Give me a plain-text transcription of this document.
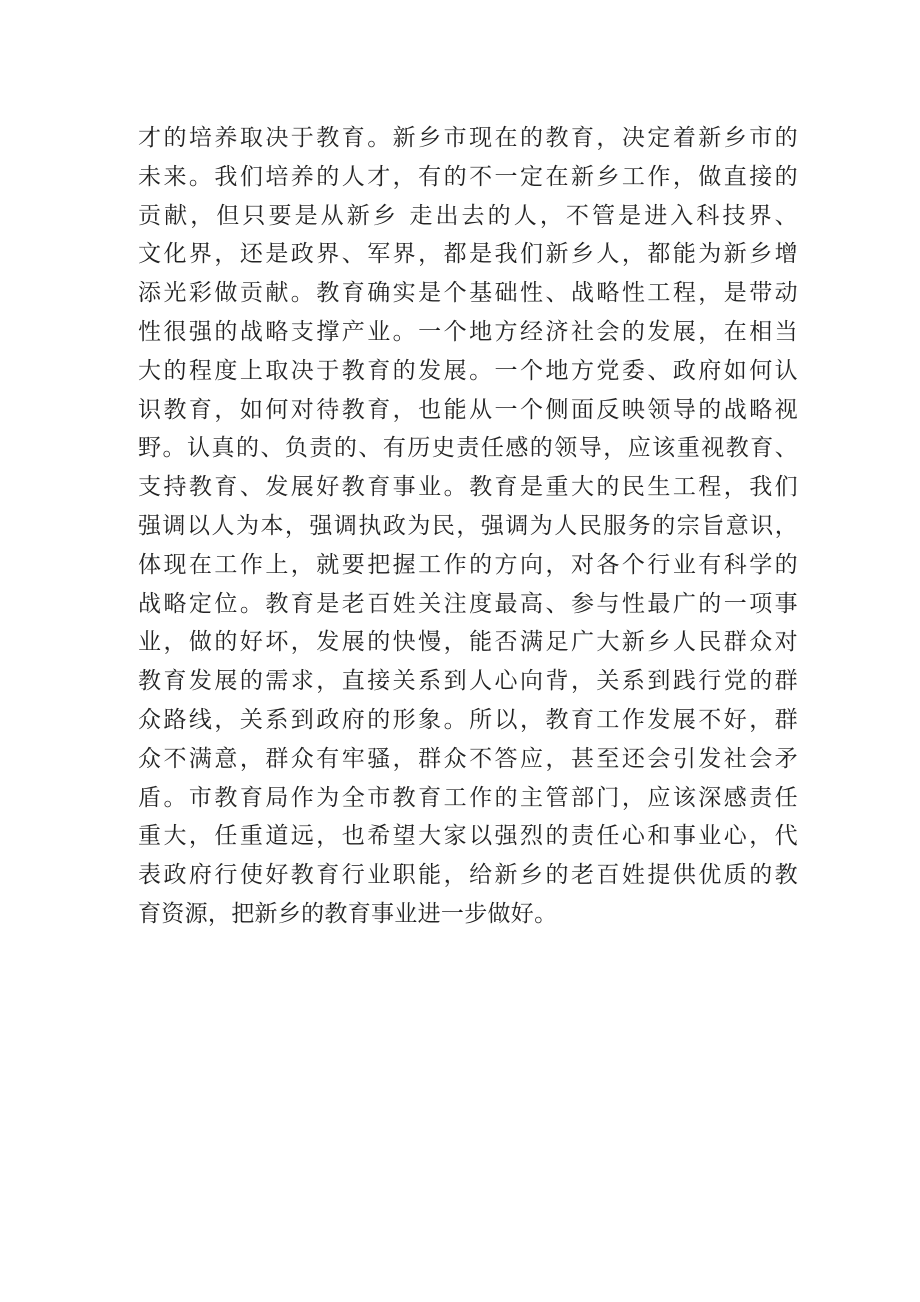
才的培养取决于教育。新乡市现在的教育，决定着新乡市的
未来。我们培养的人才，有的不一定在新乡工作，做直接的
贡献，但只要是从新乡 走出去的人，不管是进入科技界、
文化界，还是政界、军界，都是我们新乡人，都能为新乡增
添光彩做贡献。教育确实是个基础性、战略性工程，是带动
性很强的战略支撑产业。一个地方经济社会的发展，在相当
大的程度上取决于教育的发展。一个地方党委、政府如何认
识教育，如何对待教育，也能从一个侧面反映领导的战略视
野。认真的、负责的、有历史责任感的领导，应该重视教育、
支持教育、发展好教育事业。教育是重大的民生工程，我们
强调以人为本，强调执政为民，强调为人民服务的宗旨意识，
体现在工作上，就要把握工作的方向，对各个行业有科学的
战略定位。教育是老百姓关注度最高、参与性最广的一项事
业，做的好坏，发展的快慢，能否满足广大新乡人民群众对
教育发展的需求，直接关系到人心向背，关系到践行党的群
众路线，关系到政府的形象。所以，教育工作发展不好，群
众不满意，群众有牢骚，群众不答应，甚至还会引发社会矛
盾。市教育局作为全市教育工作的主管部门，应该深感责任
重大，任重道远，也希望大家以强烈的责任心和事业心，代
表政府行使好教育行业职能，给新乡的老百姓提供优质的教
育资源，把新乡的教育事业进一步做好。
